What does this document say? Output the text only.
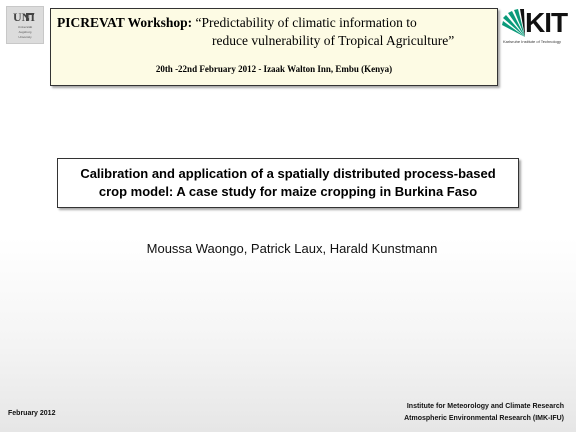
UNI
Universität
Augsburg
University
PICREVAT Workshop: “Predictability of climatic information to
reduce vulnerability of Tropical Agriculture”
20th -22nd February 2012 - Izaak Walton Inn, Embu (Kenya)
KIT
Karlsruhe Institute of Technology
Calibration and application of a spatially distributed process-based
crop model: A case study for maize cropping in Burkina Faso
Moussa Waongo, Patrick Laux, Harald Kunstmann
February 2012
Institute for Meteorology and Climate Research
Atmospheric Environmental Research (IMK-IFU)
